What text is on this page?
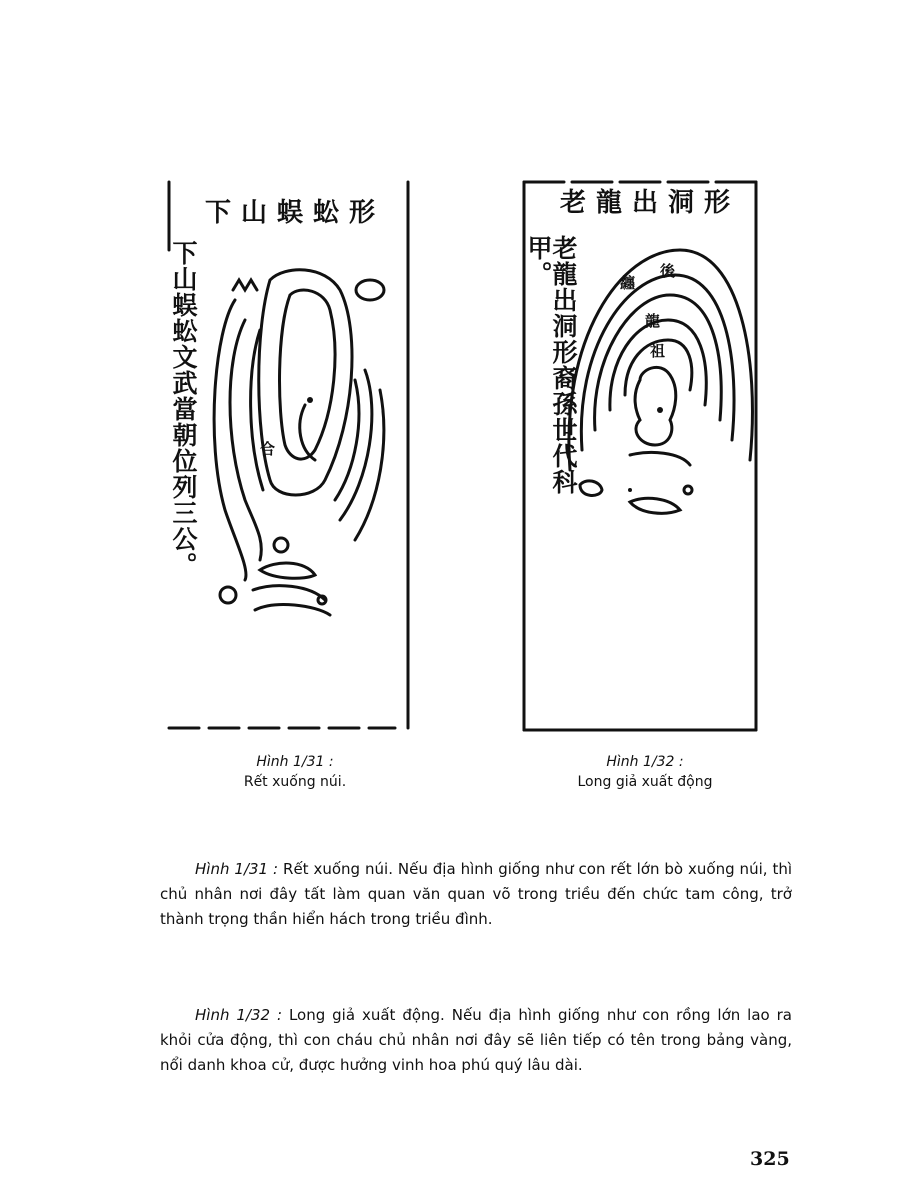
下山蜈蚣形
下山蜈蚣文武當朝位列三公。	合
老龍出洞形
老龍出洞形裔孫世代科甲。	後
纏
龍
祖
Hình 1/31 :
Rết xuống núi.
Hình 1/32 :
Long giả xuất động
Hình 1/31 : Rết xuống núi. Nếu địa hình giống như con rết lớn bò xuống núi, thì chủ nhân nơi đây tất làm quan văn quan võ trong triều đến chức tam công, trở thành trọng thần hiển hách trong triều đình.
Hình 1/32 : Long giả xuất động. Nếu địa hình giống như con rồng lớn lao ra khỏi cửa động, thì con cháu chủ nhân nơi đây sẽ liên tiếp có tên trong bảng vàng, nổi danh khoa cử, được hưởng vinh hoa phú quý lâu dài.
325
